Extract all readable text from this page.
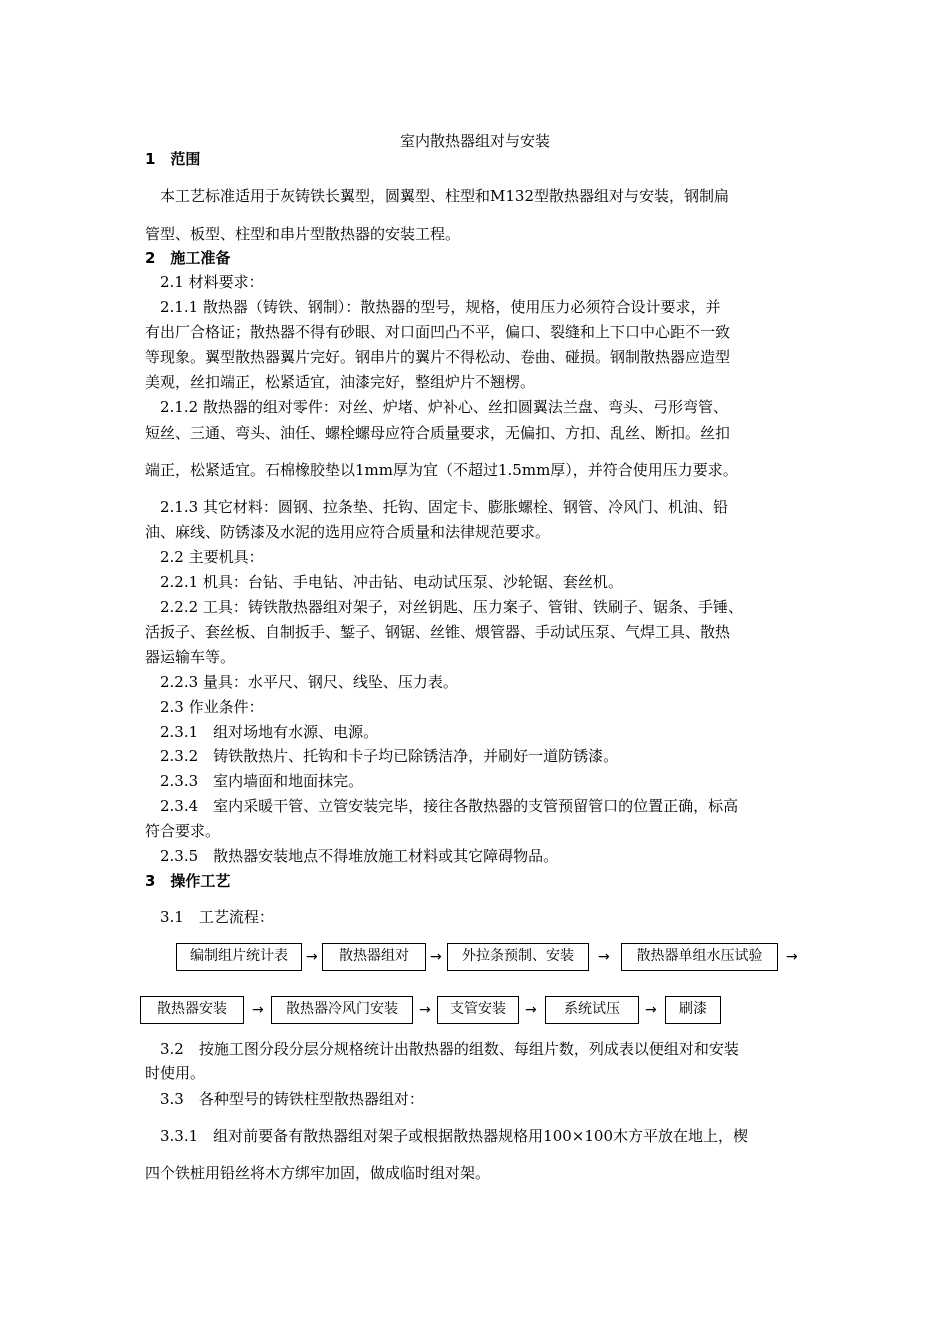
室内散热器组对与安装
1　范围
　本工艺标准适用于灰铸铁长翼型，圆翼型、柱型和M132型散热器组对与安装，钢制扁
管型、板型、柱型和串片型散热器的安装工程。
2　施工准备
　2.1 材料要求：
　2.1.1 散热器（铸铁、钢制）：散热器的型号，规格，使用压力必须符合设计要求，并
有出厂合格证；散热器不得有砂眼、对口面凹凸不平，偏口、裂缝和上下口中心距不一致
等现象。翼型散热器翼片完好。钢串片的翼片不得松动、卷曲、碰损。钢制散热器应造型
美观，丝扣端正，松紧适宜，油漆完好，整组炉片不翘楞。
　2.1.2 散热器的组对零件：对丝、炉堵、炉补心、丝扣圆翼法兰盘、弯头、弓形弯管、
短丝、三通、弯头、油任、螺栓螺母应符合质量要求，无偏扣、方扣、乱丝、断扣。丝扣
端正，松紧适宜。石棉橡胶垫以1mm厚为宜（不超过1.5mm厚），并符合使用压力要求。
　2.1.3 其它材料：圆钢、拉条垫、托钩、固定卡、膨胀螺栓、钢管、冷风门、机油、铅
油、麻线、防锈漆及水泥的选用应符合质量和法律规范要求。
　2.2 主要机具：
　2.2.1 机具：台钻、手电钻、冲击钻、电动试压泵、沙轮锯、套丝机。
　2.2.2 工具：铸铁散热器组对架子，对丝钥匙、压力案子、管钳、铁刷子、锯条、手锤、
活扳子、套丝板、自制扳手、錾子、钢锯、丝锥、煨管器、手动试压泵、气焊工具、散热
器运输车等。
　2.2.3 量具：水平尺、钢尺、线坠、压力表。
　2.3 作业条件：
　2.3.1　组对场地有水源、电源。
　2.3.2　铸铁散热片、托钩和卡子均已除锈洁净，并刷好一道防锈漆。
　2.3.3　室内墙面和地面抹完。
　2.3.4　室内采暖干管、立管安装完毕，接往各散热器的支管预留管口的位置正确，标高
符合要求。
　2.3.5　散热器安装地点不得堆放施工材料或其它障碍物品。
3　操作工艺
　3.1　工艺流程：
编制组片统计表	→	散热器组对	→	外拉条预制、安装	→	散热器单组水压试验	→
散热器安装	→	散热器冷风门安装	→	支管安装	→	系统试压	→	刷漆
　3.2　按施工图分段分层分规格统计出散热器的组数、每组片数，列成表以便组对和安装
时使用。
　3.3　各种型号的铸铁柱型散热器组对：
　3.3.1　组对前要备有散热器组对架子或根据散热器规格用100×100木方平放在地上，楔
四个铁桩用铅丝将木方绑牢加固，做成临时组对架。
